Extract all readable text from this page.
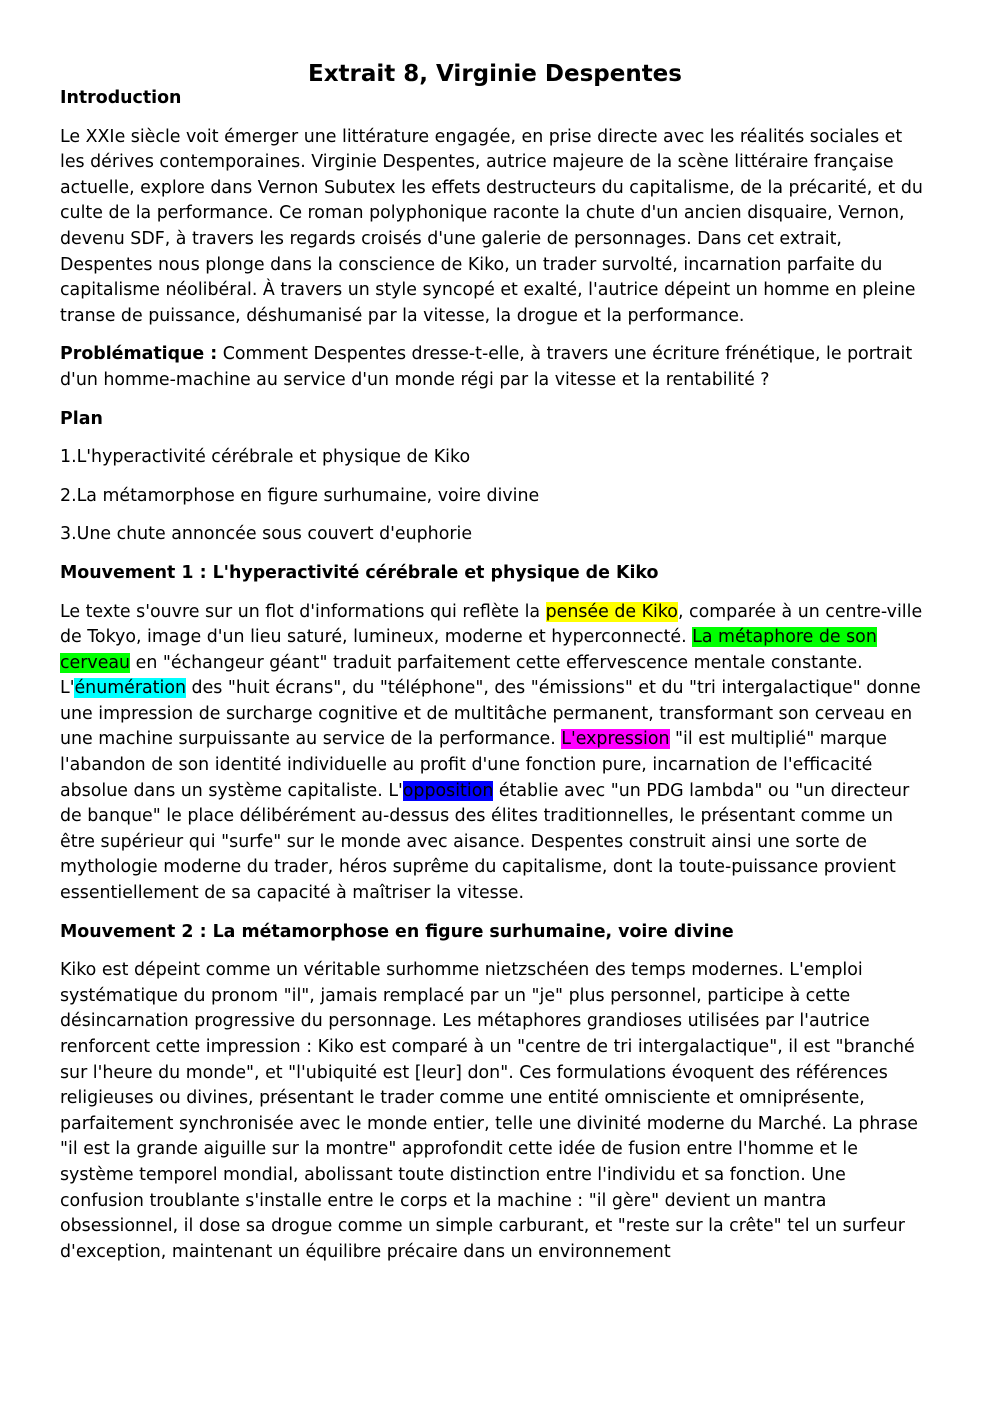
Extrait 8, Virginie Despentes
Introduction

Le XXIe siècle voit émerger une littérature engagée, en prise directe avec les réalités sociales et les dérives contemporaines. Virginie Despentes, autrice majeure de la scène littéraire française actuelle, explore dans Vernon Subutex les effets destructeurs du capitalisme, de la précarité, et du culte de la performance. Ce roman polyphonique raconte la chute d'un ancien disquaire, Vernon, devenu SDF, à travers les regards croisés d'une galerie de personnages. Dans cet extrait, Despentes nous plonge dans la conscience de Kiko, un trader survolté, incarnation parfaite du capitalisme néolibéral. À travers un style syncopé et exalté, l'autrice dépeint un homme en pleine transe de puissance, déshumanisé par la vitesse, la drogue et la performance.

Problématique : Comment Despentes dresse-t-elle, à travers une écriture frénétique, le portrait d'un homme-machine au service d'un monde régi par la vitesse et la rentabilité ?

Plan

1.L'hyperactivité cérébrale et physique de Kiko

2.La métamorphose en figure surhumaine, voire divine

3.Une chute annoncée sous couvert d'euphorie

Mouvement 1 : L'hyperactivité cérébrale et physique de Kiko

Le texte s'ouvre sur un flot d'informations qui reflète la pensée de Kiko, comparée à un centre-ville de Tokyo, image d'un lieu saturé, lumineux, moderne et hyperconnecté. La métaphore de son cerveau en "échangeur géant" traduit parfaitement cette effervescence mentale constante. L'énumération des "huit écrans", du "téléphone", des "émissions" et du "tri intergalactique" donne une impression de surcharge cognitive et de multitâche permanent, transformant son cerveau en une machine surpuissante au service de la performance. L'expression "il est multiplié" marque l'abandon de son identité individuelle au profit d'une fonction pure, incarnation de l'efficacité absolue dans un système capitaliste. L'opposition établie avec "un PDG lambda" ou "un directeur de banque" le place délibérément au-dessus des élites traditionnelles, le présentant comme un être supérieur qui "surfe" sur le monde avec aisance. Despentes construit ainsi une sorte de mythologie moderne du trader, héros suprême du capitalisme, dont la toute-puissance provient essentiellement de sa capacité à maîtriser la vitesse.

Mouvement 2 : La métamorphose en figure surhumaine, voire divine

Kiko est dépeint comme un véritable surhomme nietzschéen des temps modernes. L'emploi systématique du pronom "il", jamais remplacé par un "je" plus personnel, participe à cette désincarnation progressive du personnage. Les métaphores grandioses utilisées par l'autrice renforcent cette impression : Kiko est comparé à un "centre de tri intergalactique", il est "branché sur l'heure du monde", et "l'ubiquité est [leur] don". Ces formulations évoquent des références religieuses ou divines, présentant le trader comme une entité omnisciente et omniprésente, parfaitement synchronisée avec le monde entier, telle une divinité moderne du Marché. La phrase "il est la grande aiguille sur la montre" approfondit cette idée de fusion entre l'homme et le système temporel mondial, abolissant toute distinction entre l'individu et sa fonction. Une confusion troublante s'installe entre le corps et la machine : "il gère" devient un mantra obsessionnel, il dose sa drogue comme un simple carburant, et "reste sur la crête" tel un surfeur d'exception, maintenant un équilibre précaire dans un environnement
